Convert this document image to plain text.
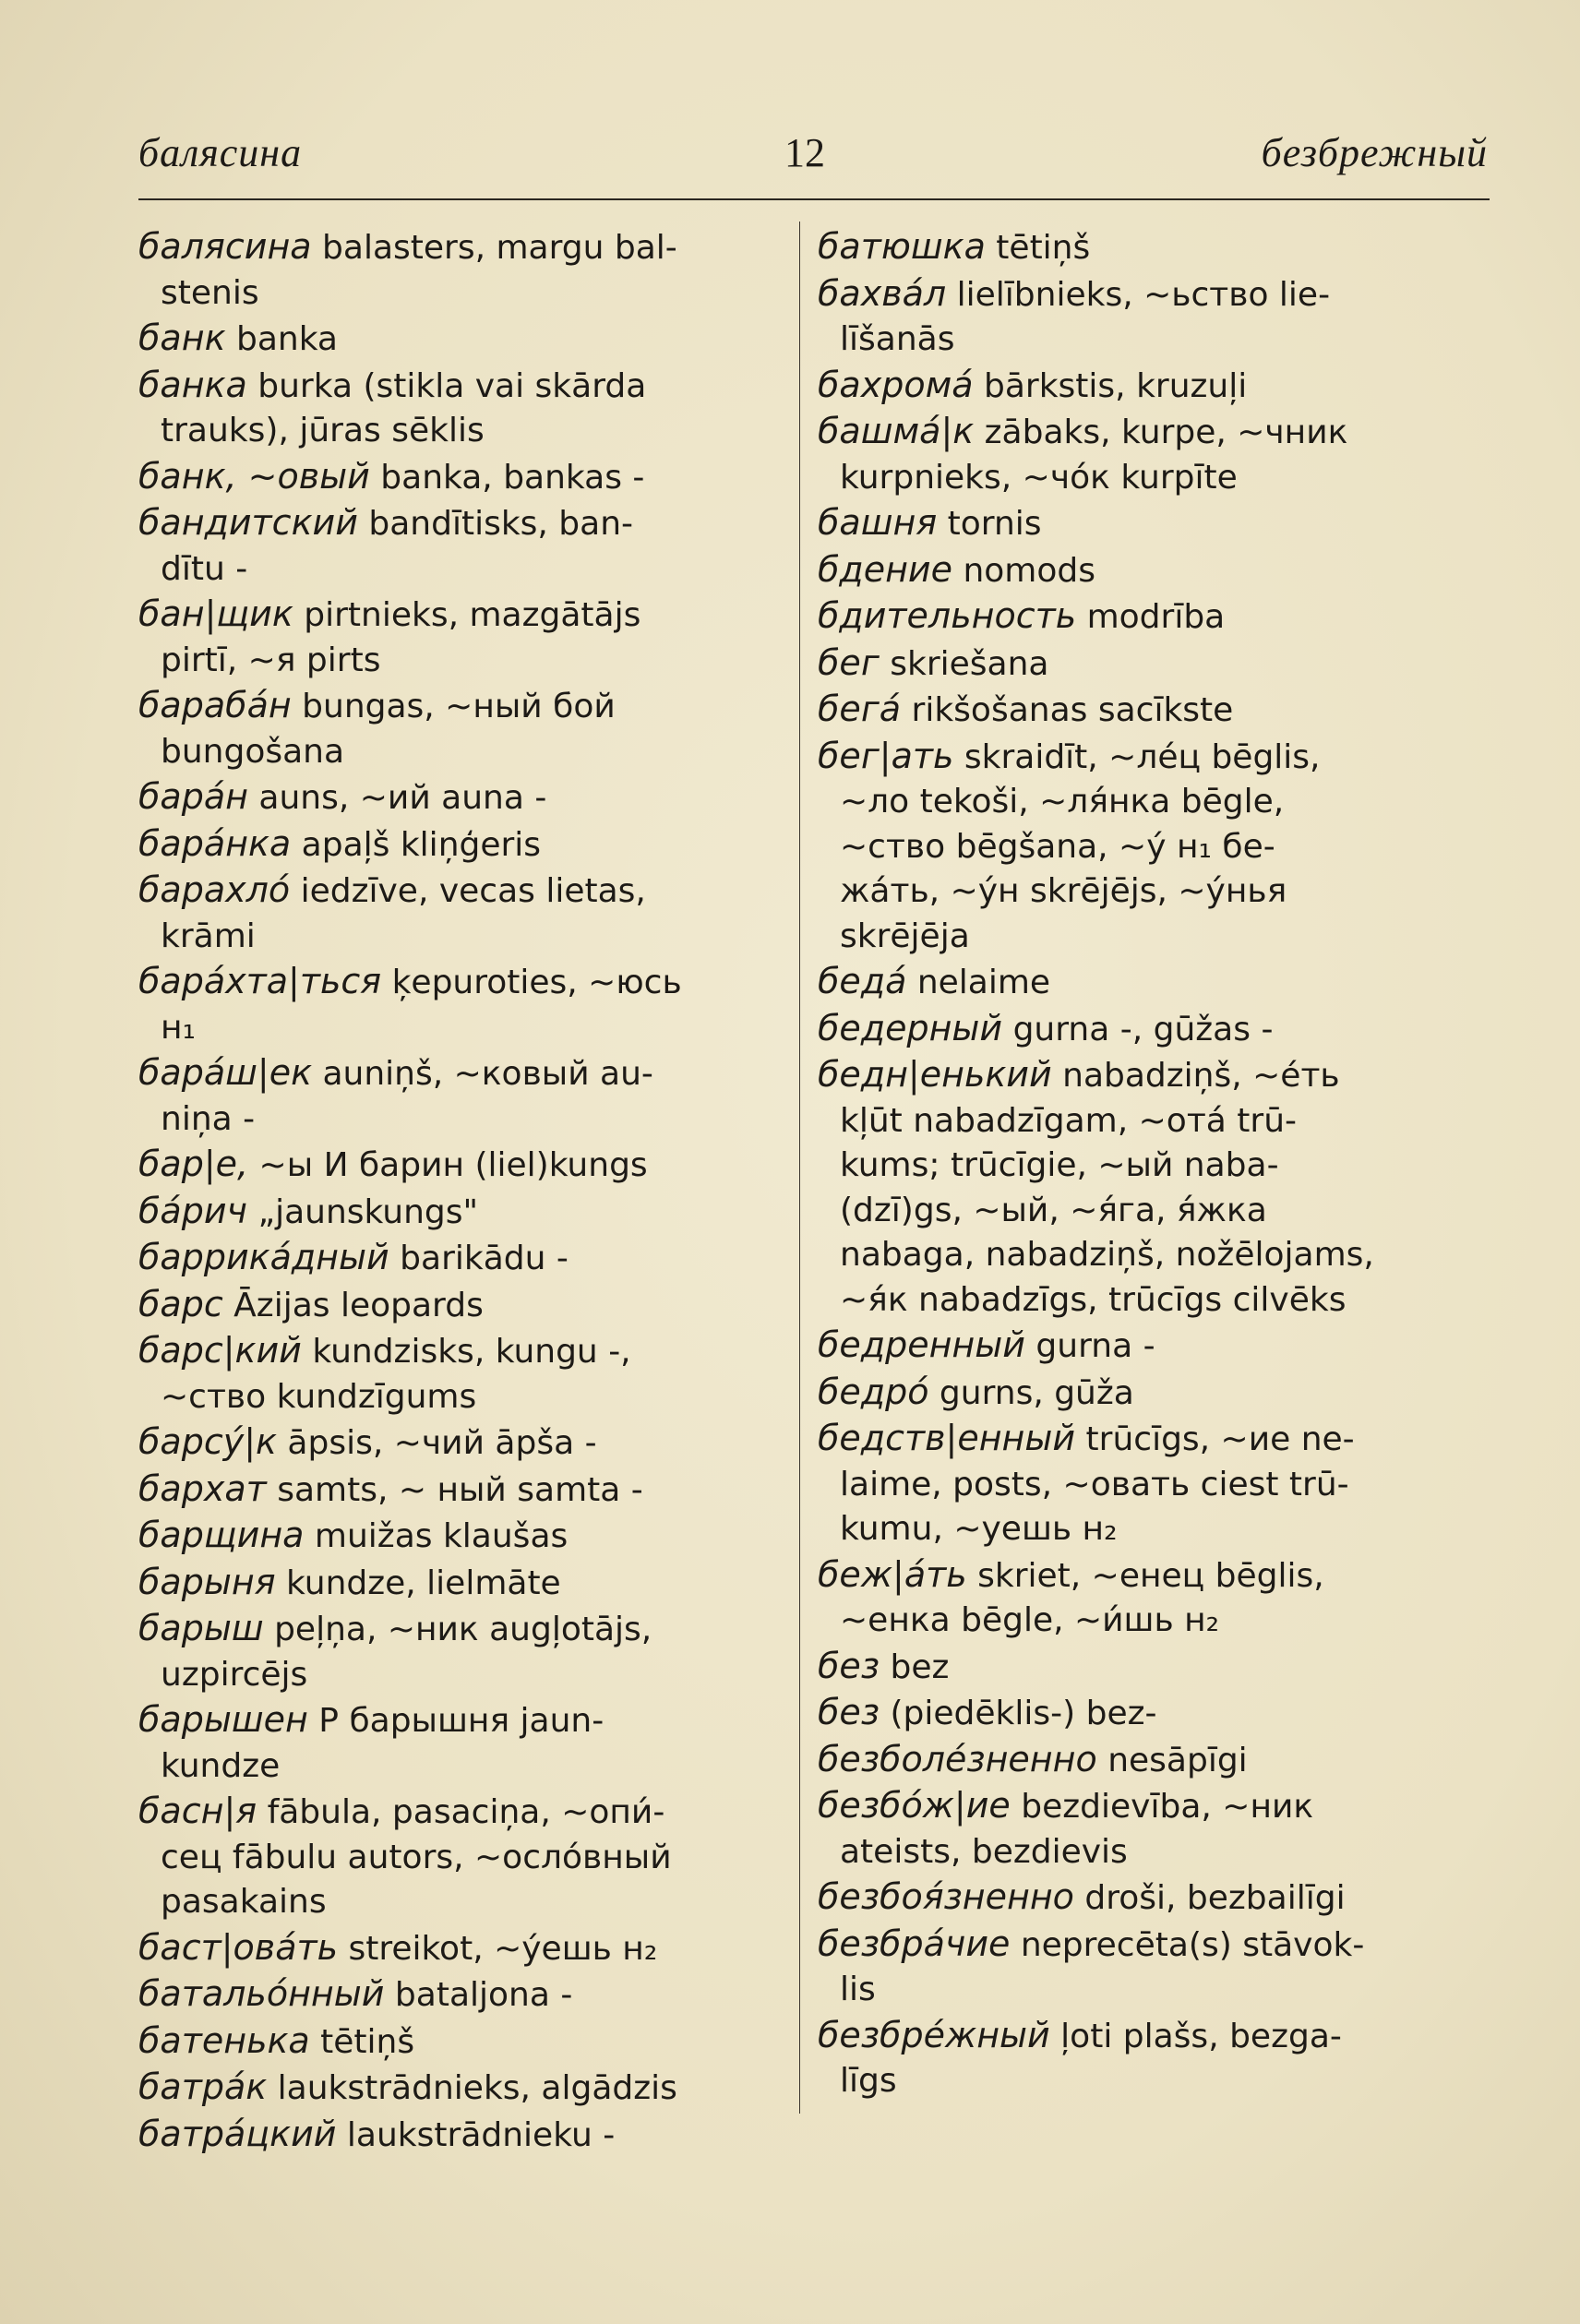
балясина	12	безбрежный

балясина balasters, margu bal-
stenis

банк banka

банка burka (stikla vai skārda
trauks), jūras sēklis

банк, ~овый banka, bankas -

бандитский bandītisks, ban-
dītu -

бан|щик pirtnieks, mazgātājs
pirtī, ~я pirts

барабáн bungas, ~ный бой
bungošana

барáн auns, ~ий auna -

барáнка apaļš kliņģeris

барахлó iedzīve, vecas lietas,
krāmi

барáхта|ться ķepuroties, ~юсь
н₁

барáш|ек auniņš, ~ковый au-
niņa -

бар|е, ~ы И барин (liel)kungs

бáрич „jaunskungs"

баррикáдный barikādu -

барс Āzijas leopards

барс|кий kundzisks, kungu -,
~ство kundzīgums

барсý|к āpsis, ~чий āpša -

бархат samts, ~ ный samta -

барщина muižas klaušas

барыня kundze, lielmāte

барыш peļņa, ~ник augļotājs,
uzpircējs

барышен Р барышня jaun-
kundze

басн|я fābula, pasaciņa, ~опи́-
сец fābulu autors, ~ослóвный

pasakains

баст|овáть streikot, ~ýешь н₂

батальóнный bataljona -

батенька tētiņš

батрáк laukstrādnieks, algādzis

батрáцкий laukstrādnieku -

батюшка tētiņš

бахвáл lielībnieks, ~ьство lie-
līšanās

бахромá bārkstis, kruzuļi

башмá|к zābaks, kurpe, ~чник
kurpnieks, ~чóк kurpīte

башня tornis

бдение nomods

бдительность modrība

бег skriešana

бегá rikšošanas sacīkste

бег|ать skraidīt, ~лéц bēglis,
~ло tekoši, ~ля́нка bēgle,

~ство bēgšana, ~ý н₁ бе-

жáть, ~ýн skrējējs, ~ýнья

skrējēja

бедá nelaime

бедерный gurna -, gūžas -

бедн|енький nabadziņš, ~éть
kļūt nabadzīgam, ~отá trū-

kums; trūcīgie, ~ый naba-

(dzī)gs, ~ый, ~я́га, я́жка

nabaga, nabadziņš, nožēlojams,

~я́к nabadzīgs, trūcīgs cilvēks

бедренный gurna -

бедрó gurns, gūža

бедств|енный trūcīgs, ~ие ne-
laime, posts, ~овать ciest trū-

kumu, ~уешь н₂

беж|áть skriet, ~енец bēglis,
~енка bēgle, ~и́шь н₂

без bez

без (piedēklis-) bez-

безболéзненно nesāpīgi

безбóж|ие bezdievība, ~ник
ateists, bezdievis

безбоя́зненно droši, bezbailīgi

безбрáчие neprecēta(s) stāvok-
lis

безбрéжный ļoti plašs, bezga-
līgs
